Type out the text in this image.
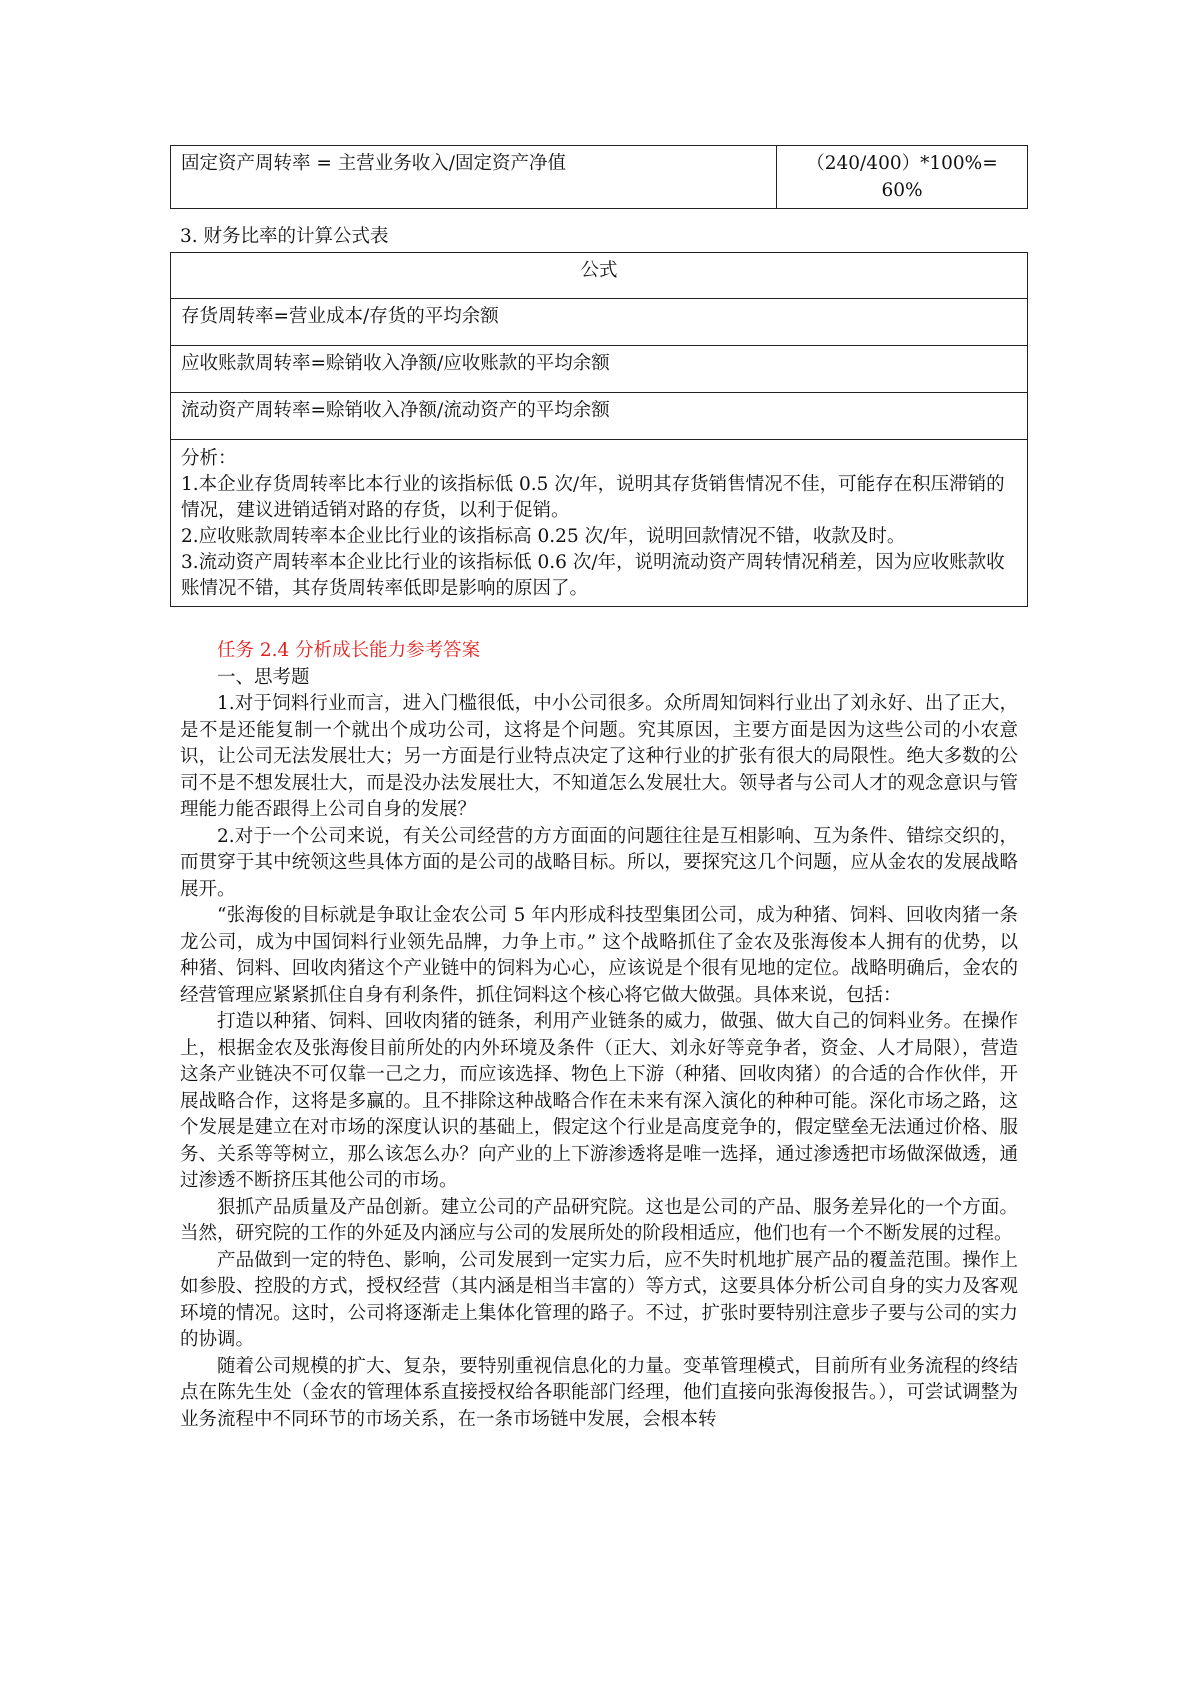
固定资产周转率 = 主营业务收入/固定资产净值	（240/400）*100%= 60%
3. 财务比率的计算公式表
公式
存货周转率=营业成本/存货的平均余额
应收账款周转率=赊销收入净额/应收账款的平均余额
流动资产周转率=赊销收入净额/流动资产的平均余额

分析：
1.本企业存货周转率比本行业的该指标低 0.5 次/年，说明其存货销售情况不佳，可能存在积压滞销的情况，建议进销适销对路的存货，以利于促销。
2.应收账款周转率本企业比行业的该指标高 0.25 次/年，说明回款情况不错，收款及时。
3.流动资产周转率本企业比行业的该指标低 0.6 次/年，说明流动资产周转情况稍差，因为应收账款收账情况不错，其存货周转率低即是影响的原因了。
任务 2.4 分析成长能力参考答案
一、思考题

1.对于饲料行业而言，进入门槛很低，中小公司很多。众所周知饲料行业出了刘永好、出了正大，是不是还能复制一个就出个成功公司，这将是个问题。究其原因，主要方面是因为这些公司的小农意识，让公司无法发展壮大；另一方面是行业特点决定了这种行业的扩张有很大的局限性。绝大多数的公司不是不想发展壮大，而是没办法发展壮大，不知道怎么发展壮大。领导者与公司人才的观念意识与管理能力能否跟得上公司自身的发展？

2.对于一个公司来说，有关公司经营的方方面面的问题往往是互相影响、互为条件、错综交织的，而贯穿于其中统领这些具体方面的是公司的战略目标。所以，要探究这几个问题，应从金农的发展战略展开。

“张海俊的目标就是争取让金农公司 5 年内形成科技型集团公司，成为种猪、饲料、回收肉猪一条龙公司，成为中国饲料行业领先品牌，力争上市。” 这个战略抓住了金农及张海俊本人拥有的优势，以种猪、饲料、回收肉猪这个产业链中的饲料为心心，应该说是个很有见地的定位。战略明确后，金农的经营管理应紧紧抓住自身有利条件，抓住饲料这个核心将它做大做强。具体来说，包括：

打造以种猪、饲料、回收肉猪的链条，利用产业链条的威力，做强、做大自己的饲料业务。在操作上，根据金农及张海俊目前所处的内外环境及条件（正大、刘永好等竞争者，资金、人才局限），营造这条产业链决不可仅靠一己之力，而应该选择、物色上下游（种猪、回收肉猪）的合适的合作伙伴，开展战略合作，这将是多赢的。且不排除这种战略合作在未来有深入演化的种种可能。深化市场之路，这个发展是建立在对市场的深度认识的基础上，假定这个行业是高度竞争的，假定壁垒无法通过价格、服务、关系等等树立，那么该怎么办？向产业的上下游渗透将是唯一选择，通过渗透把市场做深做透，通过渗透不断挤压其他公司的市场。

狠抓产品质量及产品创新。建立公司的产品研究院。这也是公司的产品、服务差异化的一个方面。当然，研究院的工作的外延及内涵应与公司的发展所处的阶段相适应，他们也有一个不断发展的过程。

产品做到一定的特色、影响，公司发展到一定实力后，应不失时机地扩展产品的覆盖范围。操作上如参股、控股的方式，授权经营（其内涵是相当丰富的）等方式，这要具体分析公司自身的实力及客观环境的情况。这时，公司将逐渐走上集体化管理的路子。不过，扩张时要特别注意步子要与公司的实力的协调。

随着公司规模的扩大、复杂，要特别重视信息化的力量。变革管理模式，目前所有业务流程的终结点在陈先生处（金农的管理体系直接授权给各职能部门经理，他们直接向张海俊报告。），可尝试调整为业务流程中不同环节的市场关系，在一条市场链中发展，会根本转
